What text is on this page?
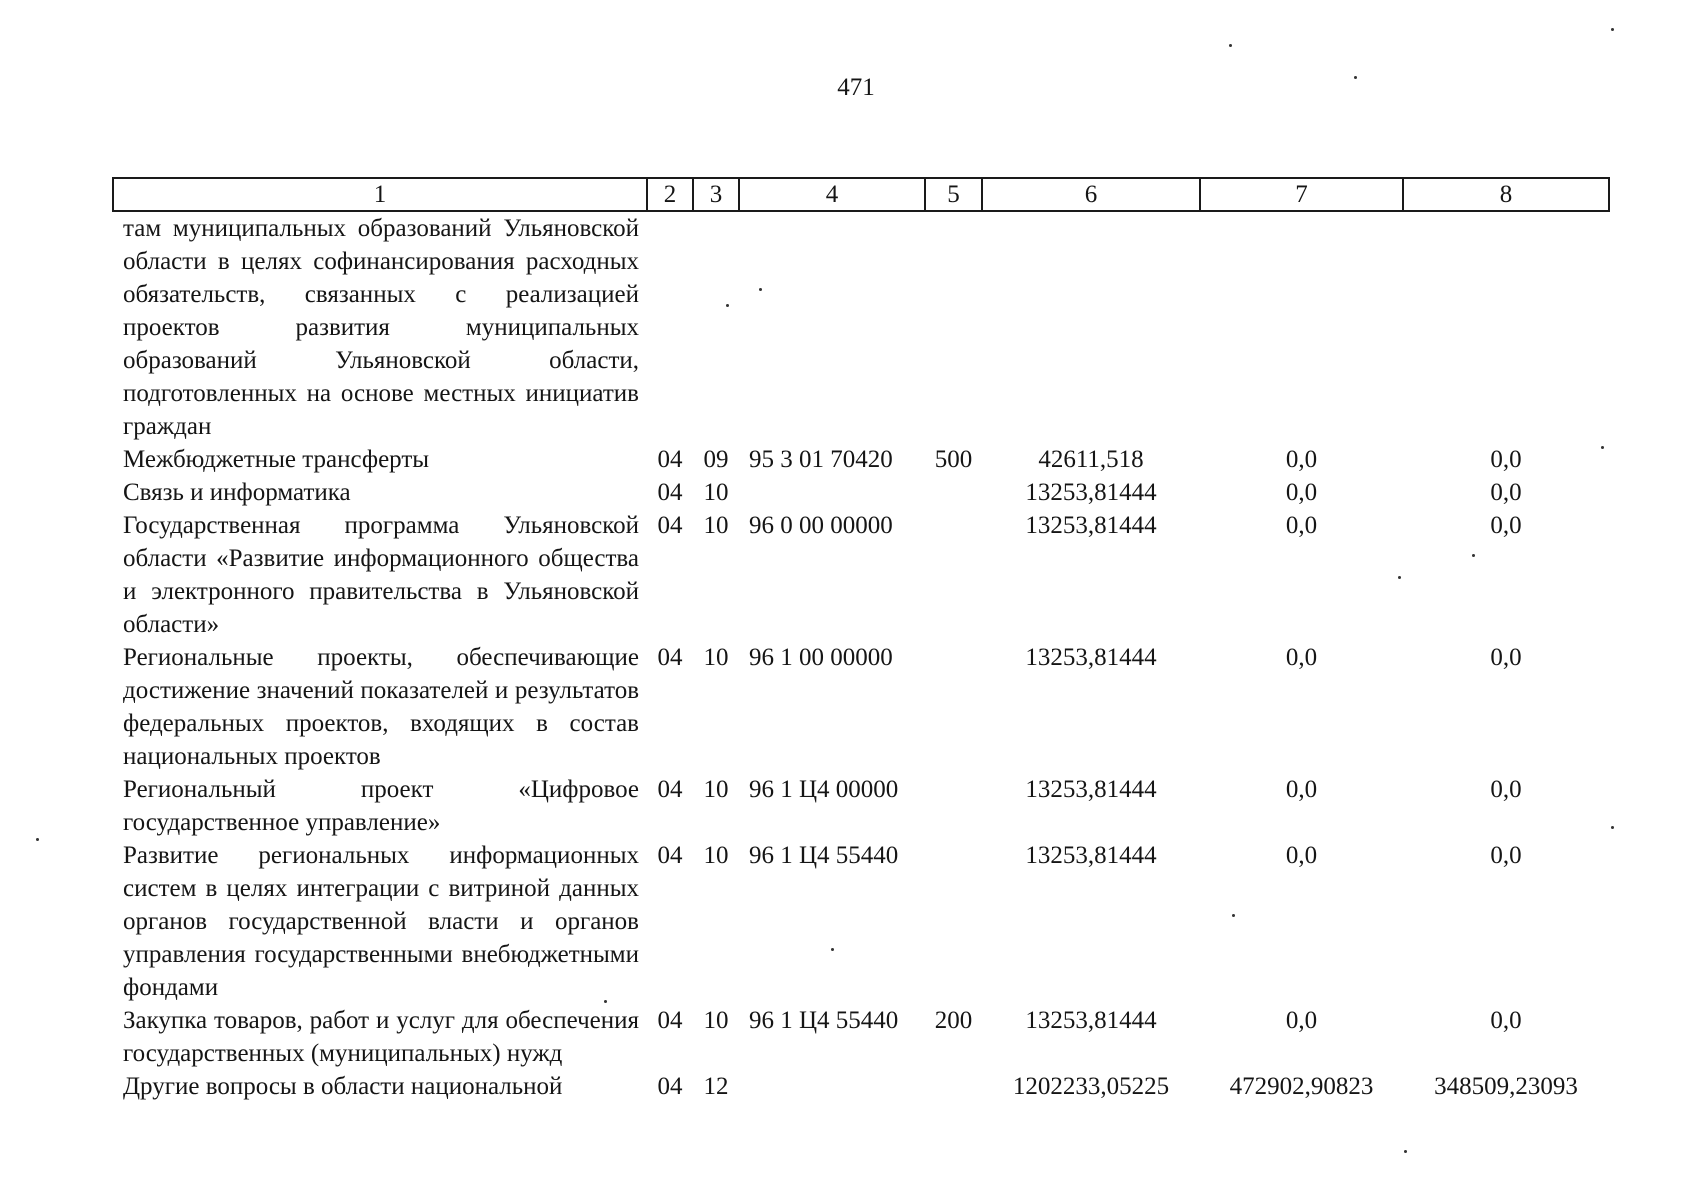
471
1	2	3	4	5	6	7	8
там муниципальных образований Ульяновской области в целях софинансирования расходных обязательств, связанных с реализацией проектов развития муниципальных образований Ульяновской области, подготовленных на основе местных инициатив граждан							
Межбюджетные трансферты	04	09	95 3 01 70420	500	42611,518	0,0	0,0
Связь и информатика	04	10			13253,81444	0,0	0,0
Государственная программа Ульяновской области «Развитие информационного общества и электронного правительства в Ульяновской области»	04	10	96 0 00 00000		13253,81444	0,0	0,0
Региональные проекты, обеспечивающие достижение значений показателей и результатов федеральных проектов, входящих в состав национальных проектов	04	10	96 1 00 00000		13253,81444	0,0	0,0
Региональный проект «Цифровое государственное управление»	04	10	96 1 Ц4 00000		13253,81444	0,0	0,0
Развитие региональных информационных систем в целях интеграции с витриной данных органов государственной власти и органов управления государственными внебюджетными фондами	04	10	96 1 Ц4 55440		13253,81444	0,0	0,0
Закупка товаров, работ и услуг для обеспечения государственных (муниципальных) нужд	04	10	96 1 Ц4 55440	200	13253,81444	0,0	0,0
Другие вопросы в области национальной	04	12			1202233,05225	472902,90823	348509,23093
